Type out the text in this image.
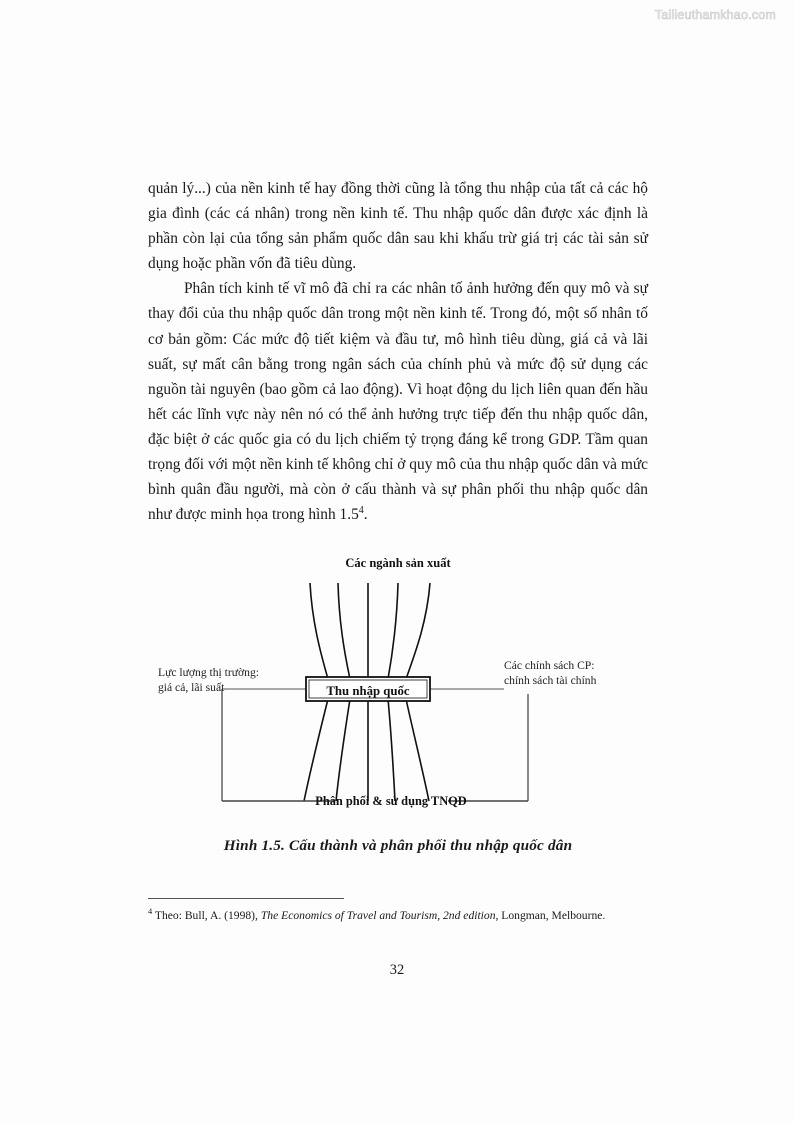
Tailieuthamkhao.com

quản lý...) của nền kinh tế hay đồng thời cũng là tổng thu nhập của tất cả các hộ gia đình (các cá nhân) trong nền kinh tế. Thu nhập quốc dân được xác định là phần còn lại của tổng sản phẩm quốc dân sau khi khấu trừ giá trị các tài sản sử dụng hoặc phần vốn đã tiêu dùng.

Phân tích kinh tế vĩ mô đã chỉ ra các nhân tố ảnh hưởng đến quy mô và sự thay đổi của thu nhập quốc dân trong một nền kinh tế. Trong đó, một số nhân tố cơ bản gồm: Các mức độ tiết kiệm và đầu tư, mô hình tiêu dùng, giá cả và lãi suất, sự mất cân bằng trong ngân sách của chính phủ và mức độ sử dụng các nguồn tài nguyên (bao gồm cả lao động). Vì hoạt động du lịch liên quan đến hầu hết các lĩnh vực này nên nó có thể ảnh hưởng trực tiếp đến thu nhập quốc dân, đặc biệt ở các quốc gia có du lịch chiếm tỷ trọng đáng kể trong GDP. Tầm quan trọng đối với một nền kinh tế không chỉ ở quy mô của thu nhập quốc dân và mức bình quân đầu người, mà còn ở cấu thành và sự phân phối thu nhập quốc dân như được minh họa trong hình 1.5$^4$.

Các ngành sản xuất
Thu nhập quốc
Lực lượng thị trường: giá cả, lãi suất
Các chính sách CP: chính sách tài chính
Phân phối & sử dụng TNQD
Hình 1.5. Cấu thành và phân phối thu nhập quốc dân

$^4$ Theo: Bull, A. (1998), The Economics of Travel and Tourism, 2nd edition, Longman, Melbourne.

32
